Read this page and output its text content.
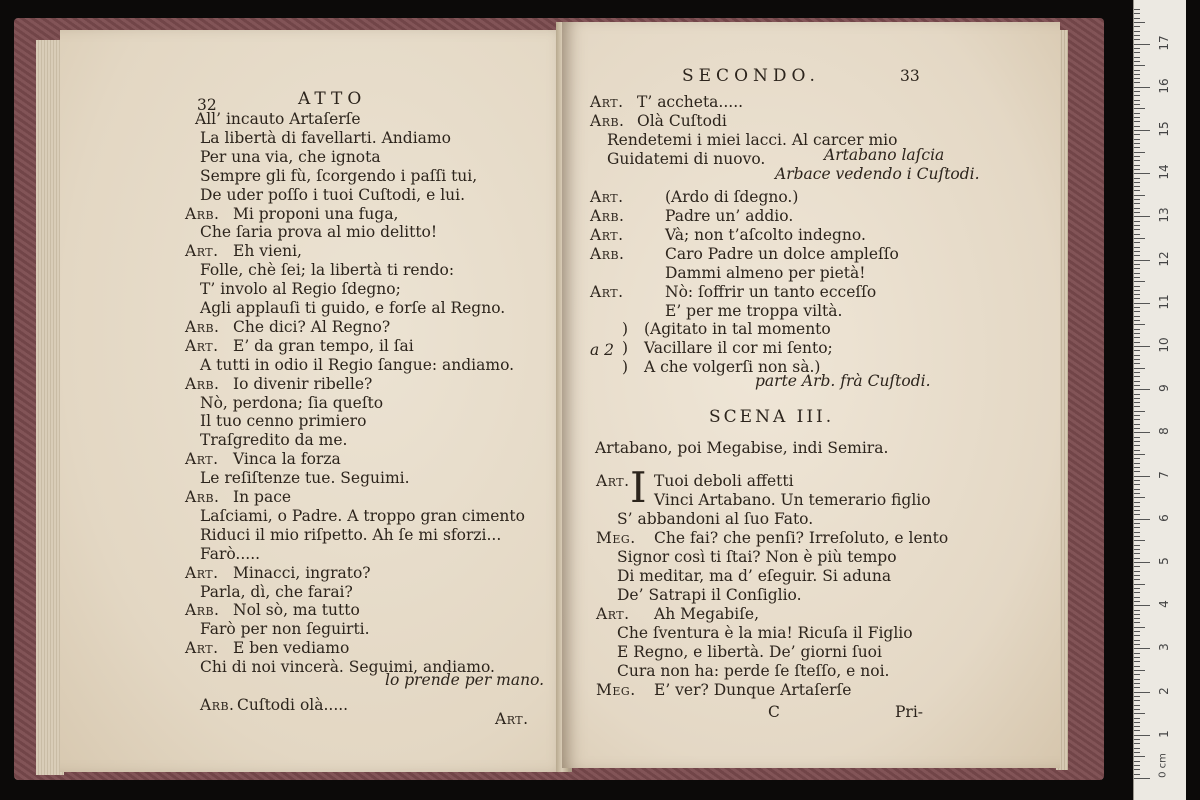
32	ATTO
All’ incauto Artaſerſe
La libertà di favellarti. Andiamo
Per una via, che ignota
Sempre gli fù, ſcorgendo i paſſi tui,
De uder poſſo i tuoi Cuſtodi, e lui.
Arb. Mi proponi una fuga,
Che ſaria prova al mio delitto!
Art. Eh vieni,
Folle, chè ſei; la libertà ti rendo:
T’ involo al Regio ſdegno;
Agli applauſi ti guido, e forſe al Regno.
Arb. Che dici? Al Regno?
Art. E’ da gran tempo, il ſai
A tutti in odio il Regio ſangue: andiamo.
Arb. Io divenir ribelle?
Nò, perdona; ſia queſto
Il tuo cenno primiero
Traſgredito da me.
Art. Vinca la forza
Le reſiſtenze tue. Seguimi.
Arb. In pace
Laſciami, o Padre. A troppo gran cimento
Riduci il mio riſpetto. Ah ſe mi sforzi...
Farò.....
Art. Minacci, ingrato?
Parla, dì, che farai?
Arb. Nol sò, ma tutto
Farò per non ſeguirti.
Art. E ben vediamo
Chi di noi vincerà. Seguimi, andiamo.
lo prende per mano.
Arb. Cuſtodi olà.....
Art.
SECONDO.	33
Art. T’ accheta.....
Arb. Olà Cuſtodi
Rendetemi i miei lacci. Al carcer mio
Guidatemi di nuovo.	Artabano laſcia
Arbace vedendo i Cuſtodi.
Art.	(Ardo di ſdegno.)
Arb.	Padre un’ addio.
Art.	Và; non t’aſcolto indegno.
Arb.	Caro Padre un dolce ampleſſo
Dammi almeno per pietà!
Art.	Nò: ſoffrir un tanto ecceſſo
E’ per me troppa viltà.
a 2
)
)
)
(Agitato in tal momento
Vacillare il cor mi ſento;
A che volgerſi non sà.)
parte Arb. frà Cuſtodi.
SCENA III.
Artabano, poi Megabise, indi Semira.
I
Art. Tuoi deboli affetti
Vinci Artabano. Un temerario figlio
S’ abbandoni al ſuo Fato.
Meg. Che fai? che penſi? Irreſoluto, e lento
Signor così ti ſtai? Non è più tempo
Di meditar, ma d’ eſeguir. Si aduna
De’ Satrapi il Conſiglio.
Art. Ah Megabiſe,
Che ſventura è la mia! Ricuſa il Figlio
E Regno, e libertà. De’ giorni ſuoi
Cura non ha: perde ſe ſteſſo, e noi.
Meg. E’ ver? Dunque Artaſerſe
C	Pri-
1
2
3
4
5
6
7
8
9
10
11
12
13
14
15
16
17
0 cm
